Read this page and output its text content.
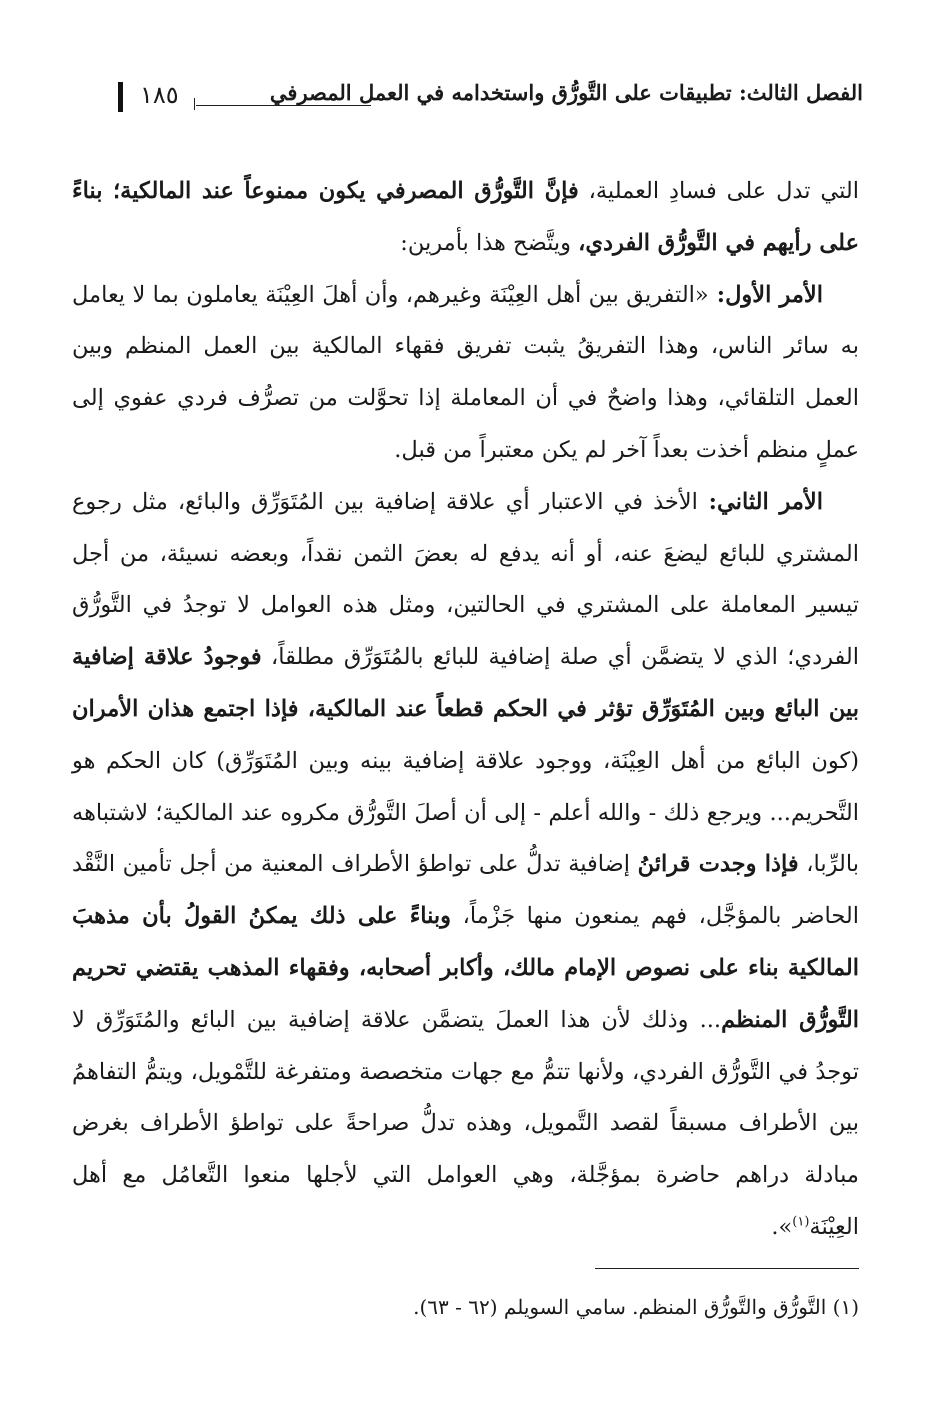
الفصل الثالث: تطبيقات على التَّورُّق واستخدامه في العمل المصرفي
١٨٥

التي تدل على فسادِ العملية، فإنَّ التَّورُّق المصرفي يكون ممنوعاً عند المالكية؛ بناءً على رأيهم في التَّورُّق الفردي، ويتَّضح هذا بأمرين:

الأمر الأول: «التفريق بين أهل العِيْنَة وغيرهم، وأن أهلَ العِيْنَة يعاملون بما لا يعامل به سائر الناس، وهذا التفريقُ يثبت تفريق فقهاء المالكية بين العمل المنظم وبين العمل التلقائي، وهذا واضحٌ في أن المعاملة إذا تحوَّلت من تصرُّف فردي عفوي إلى عملٍ منظم أخذت بعداً آخر لم يكن معتبراً من قبل.

الأمر الثاني: الأخذ في الاعتبار أي علاقة إضافية بين المُتَوَرِّق والبائع، مثل رجوع المشتري للبائع ليضعَ عنه، أو أنه يدفع له بعضَ الثمن نقداً، وبعضه نسيئة، من أجل تيسير المعاملة على المشتري في الحالتين، ومثل هذه العوامل لا توجدُ في التَّورُّق الفردي؛ الذي لا يتضمَّن أي صلة إضافية للبائع بالمُتَوَرِّق مطلقاً، فوجودُ علاقة إضافية بين البائع وبين المُتَوَرِّق تؤثر في الحكم قطعاً عند المالكية، فإذا اجتمع هذان الأمران (كون البائع من أهل العِيْنَة، ووجود علاقة إضافية بينه وبين المُتَوَرِّق) كان الحكم هو التَّحريم... ويرجع ذلك - والله أعلم - إلى أن أصلَ التَّورُّق مكروه عند المالكية؛ لاشتباهه بالرِّبا، فإذا وجدت قرائنُ إضافية تدلُّ على تواطؤ الأطراف المعنية من أجل تأمين النَّقْد الحاضر بالمؤجَّل، فهم يمنعون منها جَزْماً، وبناءً على ذلك يمكنُ القولُ بأن مذهبَ المالكية بناء على نصوص الإمام مالك، وأكابر أصحابه، وفقهاء المذهب يقتضي تحريم التَّورُّق المنظم... وذلك لأن هذا العملَ يتضمَّن علاقة إضافية بين البائع والمُتَوَرِّق لا توجدُ في التَّورُّق الفردي، ولأنها تتمُّ مع جهات متخصصة ومتفرغة للتَّمْويل، ويتمُّ التفاهمُ بين الأطراف مسبقاً لقصد التَّمويل، وهذه تدلُّ صراحةً على تواطؤ الأطراف بغرض مبادلة دراهم حاضرة بمؤجَّلة، وهي العوامل التي لأجلها منعوا التَّعامُل مع أهل العِيْنَة$^{(١)}$».

(١) التَّورُّق والتَّورُّق المنظم. سامي السويلم (٦٢ - ٦٣).
